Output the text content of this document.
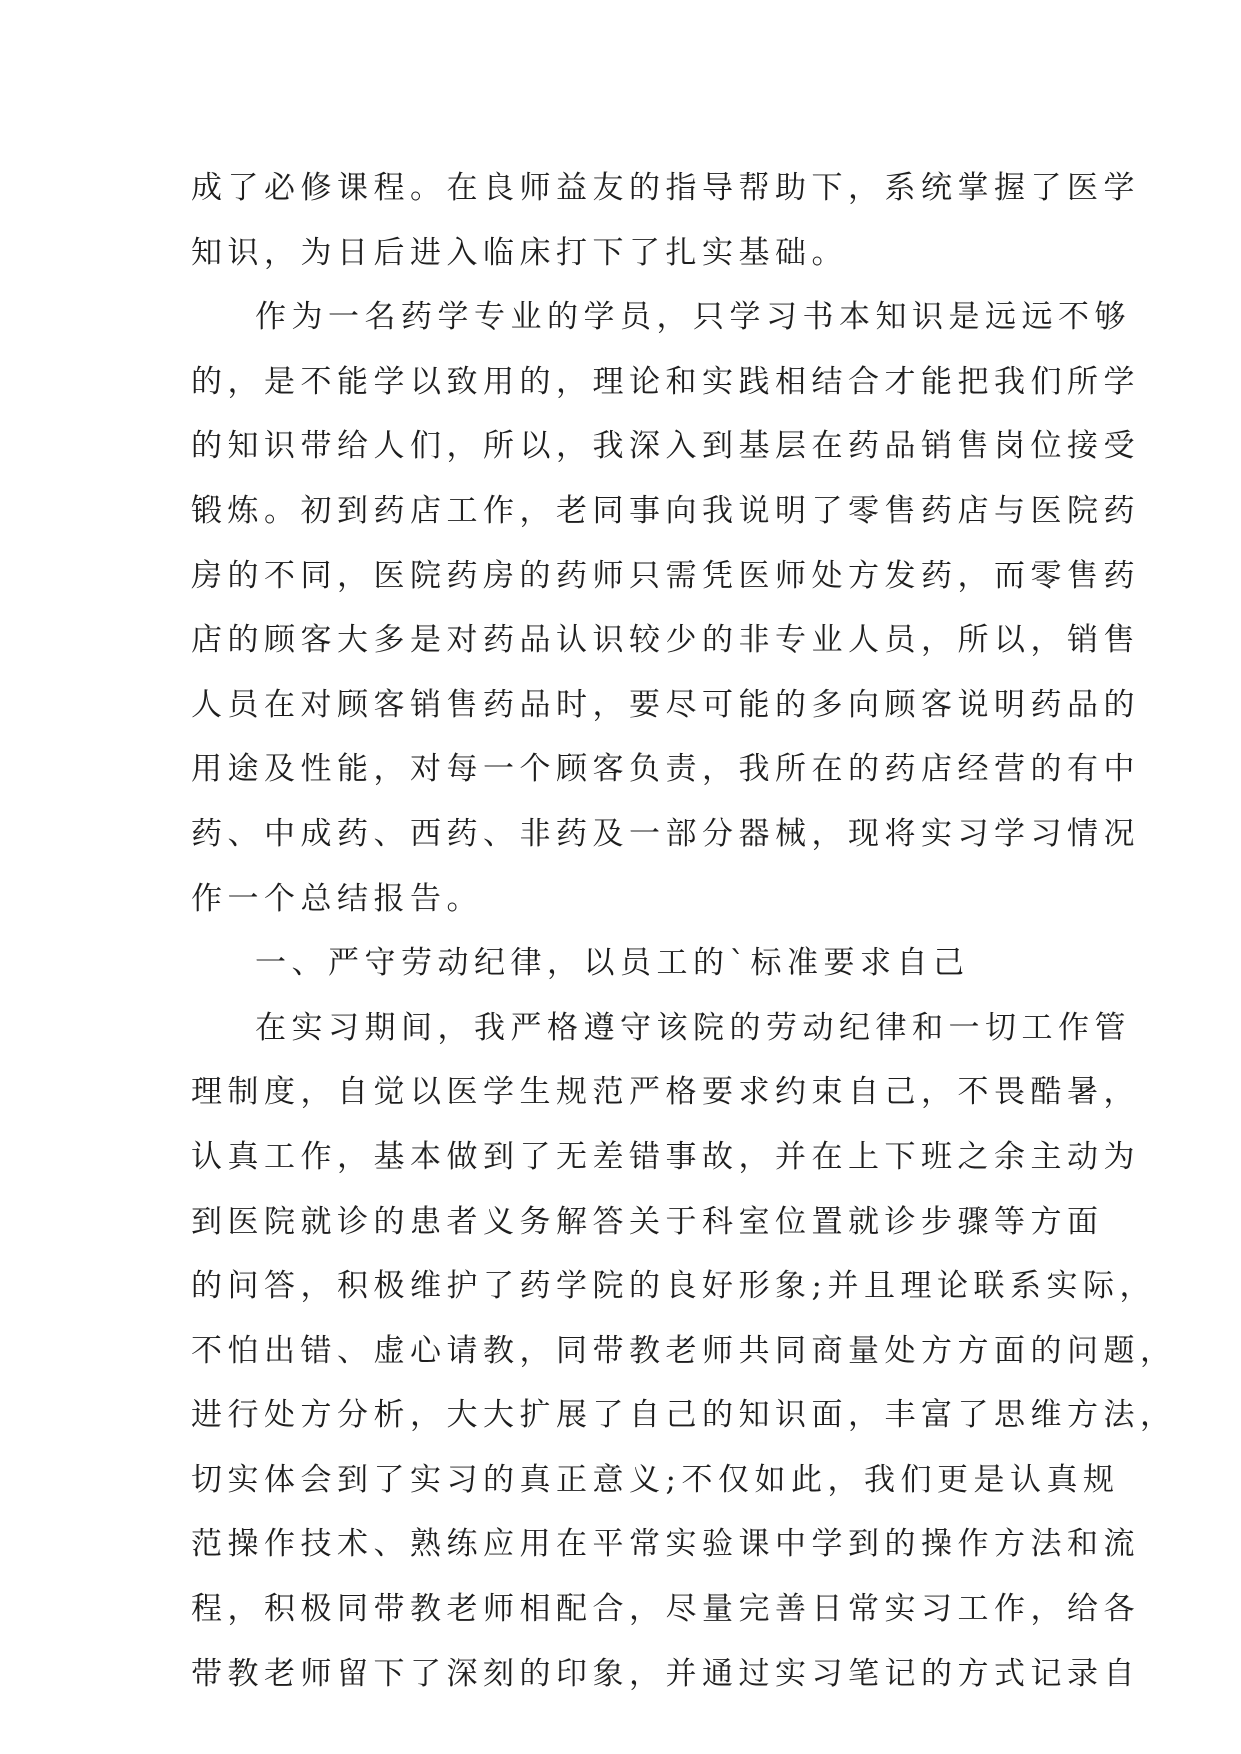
成了必修课程。在良师益友的指导帮助下，系统掌握了医学
知识，为日后进入临床打下了扎实基础。
作为一名药学专业的学员，只学习书本知识是远远不够
的，是不能学以致用的，理论和实践相结合才能把我们所学
的知识带给人们，所以，我深入到基层在药品销售岗位接受
锻炼。初到药店工作，老同事向我说明了零售药店与医院药
房的不同，医院药房的药师只需凭医师处方发药，而零售药
店的顾客大多是对药品认识较少的非专业人员，所以，销售
人员在对顾客销售药品时，要尽可能的多向顾客说明药品的
用途及性能，对每一个顾客负责，我所在的药店经营的有中
药、中成药、西药、非药及一部分器械，现将实习学习情况
作一个总结报告。
一、严守劳动纪律，以员工的`标准要求自己
在实习期间，我严格遵守该院的劳动纪律和一切工作管
理制度，自觉以医学生规范严格要求约束自己，不畏酷暑，
认真工作，基本做到了无差错事故，并在上下班之余主动为
到医院就诊的患者义务解答关于科室位置就诊步骤等方面
的问答，积极维护了药学院的良好形象;并且理论联系实际，
不怕出错、虚心请教，同带教老师共同商量处方方面的问题，
进行处方分析，大大扩展了自己的知识面，丰富了思维方法，
切实体会到了实习的真正意义;不仅如此，我们更是认真规
范操作技术、熟练应用在平常实验课中学到的操作方法和流
程，积极同带教老师相配合，尽量完善日常实习工作，给各
带教老师留下了深刻的印象，并通过实习笔记的方式记录自
